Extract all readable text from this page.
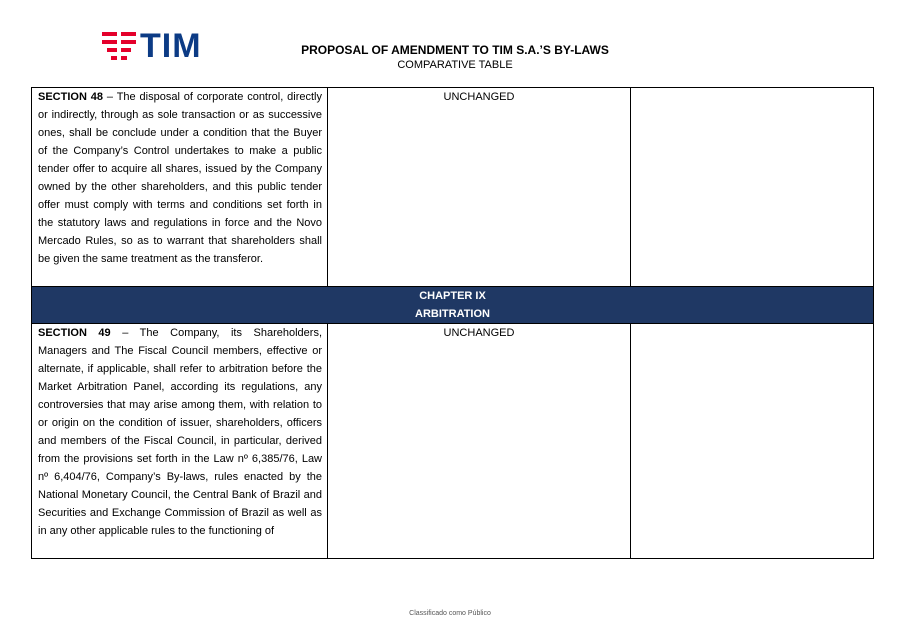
TIM	PROPOSAL OF AMENDMENT TO TIM S.A.’S BY-LAWS
COMPARATIVE TABLE
SECTION 48 – The disposal of corporate control, directly or indirectly, through as sole transaction or as successive ones, shall be conclude under a condition that the Buyer of the Company’s Control undertakes to make a public tender offer to acquire all shares, issued by the Company owned by the other shareholders, and this public tender offer must comply with terms and conditions set forth in the statutory laws and regulations in force and the Novo Mercado Rules, so as to warrant that shareholders shall be given the same treatment as the transferor.	UNCHANGED	

CHAPTER IX
ARBITRATION		

SECTION 49 – The Company, its Shareholders, Managers and The Fiscal Council members, effective or alternate, if applicable, shall refer to arbitration before the Market Arbitration Panel, according its regulations, any controversies that may arise among them, with relation to or origin on the condition of issuer, shareholders, officers and members of the Fiscal Council, in particular, derived from the provisions set forth in the Law nº 6,385/76, Law nº 6,404/76, Company’s By-laws, rules enacted by the National Monetary Council, the Central Bank of Brazil and Securities and Exchange Commission of Brazil as well as in any other applicable rules to the functioning of	UNCHANGED	

Classificado como Público
